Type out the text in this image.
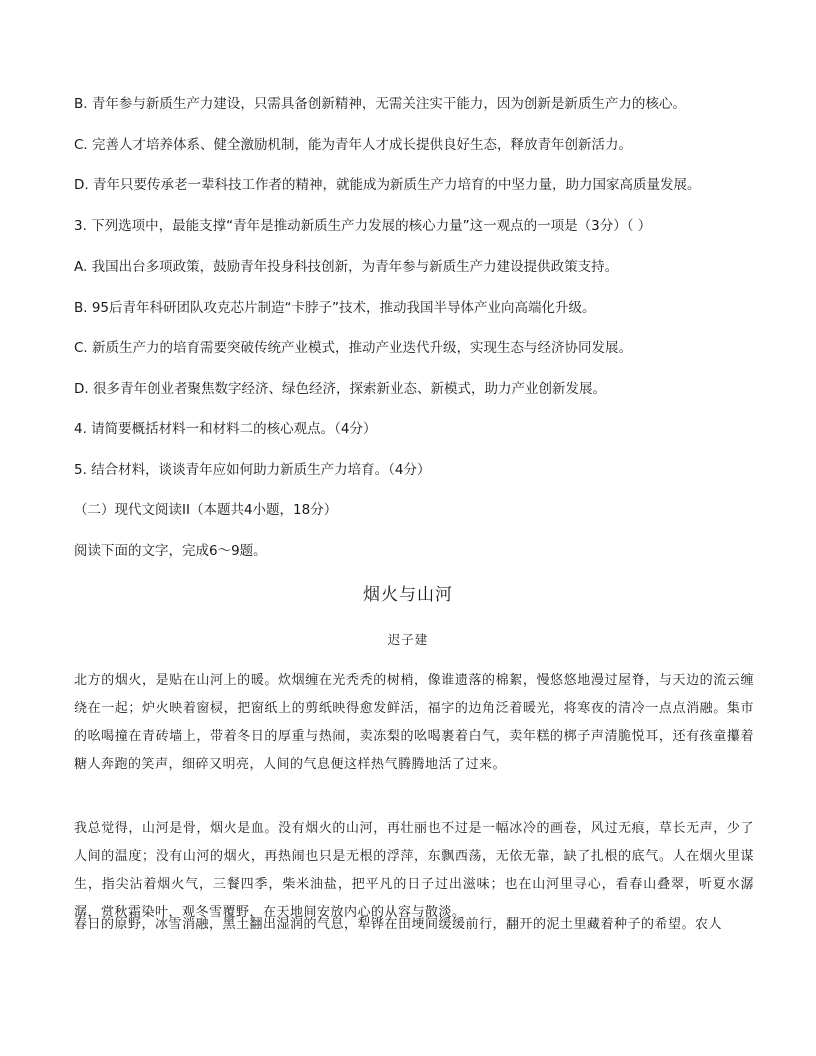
B. 青年参与新质生产力建设，只需具备创新精神，无需关注实干能力，因为创新是新质生产力的核心。
C. 完善人才培养体系、健全激励机制，能为青年人才成长提供良好生态，释放青年创新活力。
D. 青年只要传承老一辈科技工作者的精神，就能成为新质生产力培育的中坚力量，助力国家高质量发展。
3. 下列选项中，最能支撑“青年是推动新质生产力发展的核心力量”这一观点的一项是（3分）（ ）
A. 我国出台多项政策，鼓励青年投身科技创新，为青年参与新质生产力建设提供政策支持。
B. 95后青年科研团队攻克芯片制造“卡脖子”技术，推动我国半导体产业向高端化升级。
C. 新质生产力的培育需要突破传统产业模式，推动产业迭代升级，实现生态与经济协同发展。
D. 很多青年创业者聚焦数字经济、绿色经济，探索新业态、新模式，助力产业创新发展。
4. 请简要概括材料一和材料二的核心观点。（4分）
5. 结合材料，谈谈青年应如何助力新质生产力培育。（4分）
（二）现代文阅读II（本题共4小题，18分）
阅读下面的文字，完成6～9题。
烟火与山河
迟子建

北方的烟火，是贴在山河上的暖。炊烟缠在光秃秃的树梢，像谁遗落的棉絮，慢悠悠地漫过屋脊，与天边的流云缠绕在一起；炉火映着窗棂，把窗纸上的剪纸映得愈发鲜活，福字的边角泛着暖光，将寒夜的清冷一点点消融。集市的吆喝撞在青砖墙上，带着冬日的厚重与热闹，卖冻梨的吆喝裹着白气，卖年糕的梆子声清脆悦耳，还有孩童攥着糖人奔跑的笑声，细碎又明亮，人间的气息便这样热气腾腾地活了过来。

我总觉得，山河是骨，烟火是血。没有烟火的山河，再壮丽也不过是一幅冰冷的画卷，风过无痕，草长无声，少了人间的温度；没有山河的烟火，再热闹也只是无根的浮萍，东飘西荡，无依无靠，缺了扎根的底气。人在烟火里谋生，指尖沾着烟火气，三餐四季，柴米油盐，把平凡的日子过出滋味；也在山河里寻心，看春山叠翠，听夏水潺潺，赏秋霜染叶，观冬雪覆野，在天地间安放内心的从容与散淡。

春日的原野，冰雪消融，黑土翻出湿润的气息，犁铧在田埂间缓缓前行，翻开的泥土里藏着种子的希望。农人
